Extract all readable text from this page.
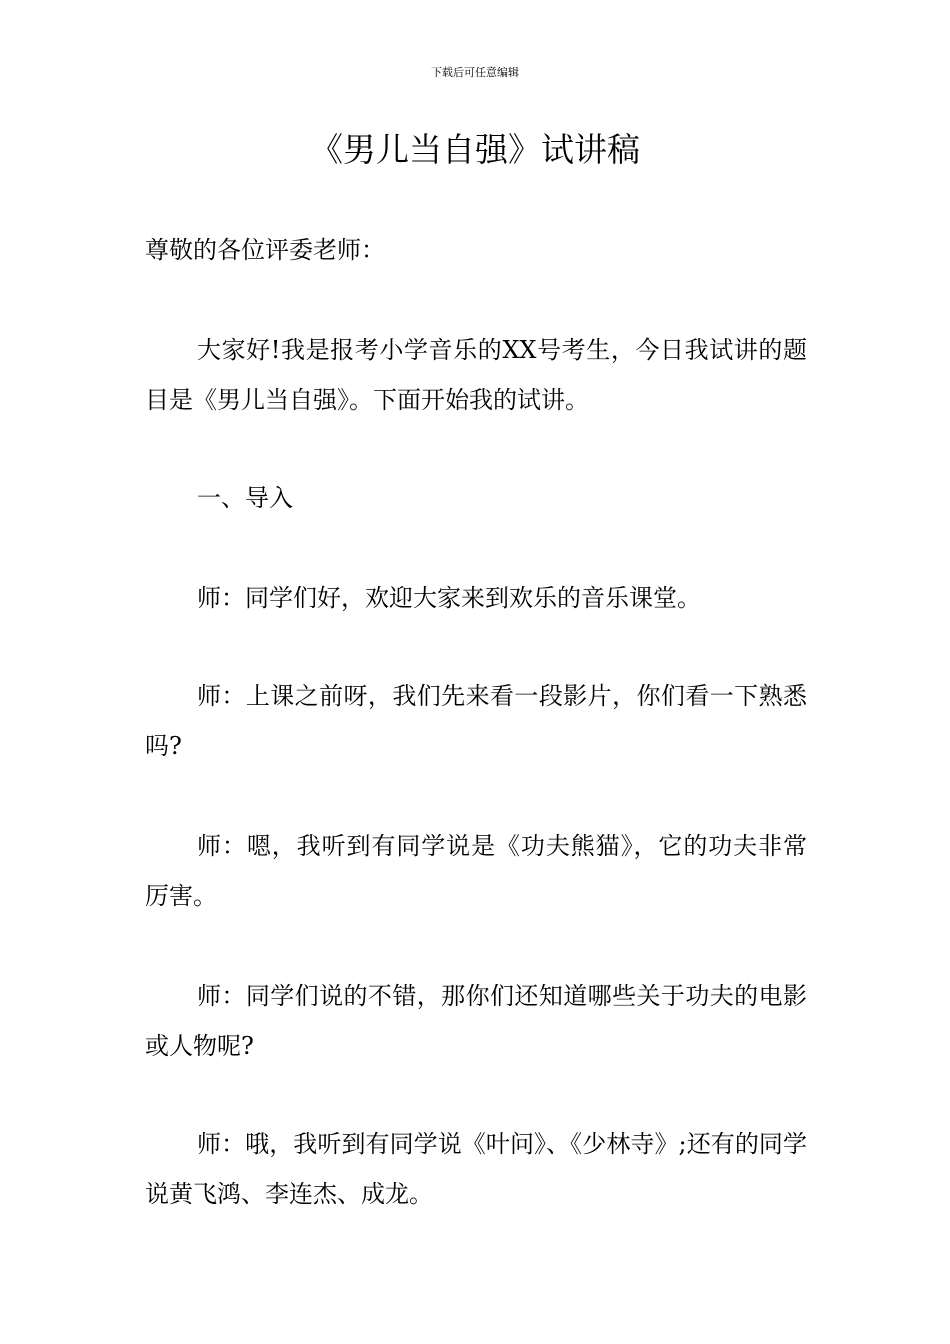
下载后可任意编辑
《男儿当自强》试讲稿

尊敬的各位评委老师：

大家好!我是报考小学音乐的XX号考生，今日我试讲的题目是《男儿当自强》。下面开始我的试讲。

一、导入

师：同学们好，欢迎大家来到欢乐的音乐课堂。

师：上课之前呀，我们先来看一段影片，你们看一下熟悉吗?

师：嗯，我听到有同学说是《功夫熊猫》，它的功夫非常厉害。

师：同学们说的不错，那你们还知道哪些关于功夫的电影或人物呢?

师：哦，我听到有同学说《叶问》、《少林寺》;还有的同学说黄飞鸿、李连杰、成龙。
